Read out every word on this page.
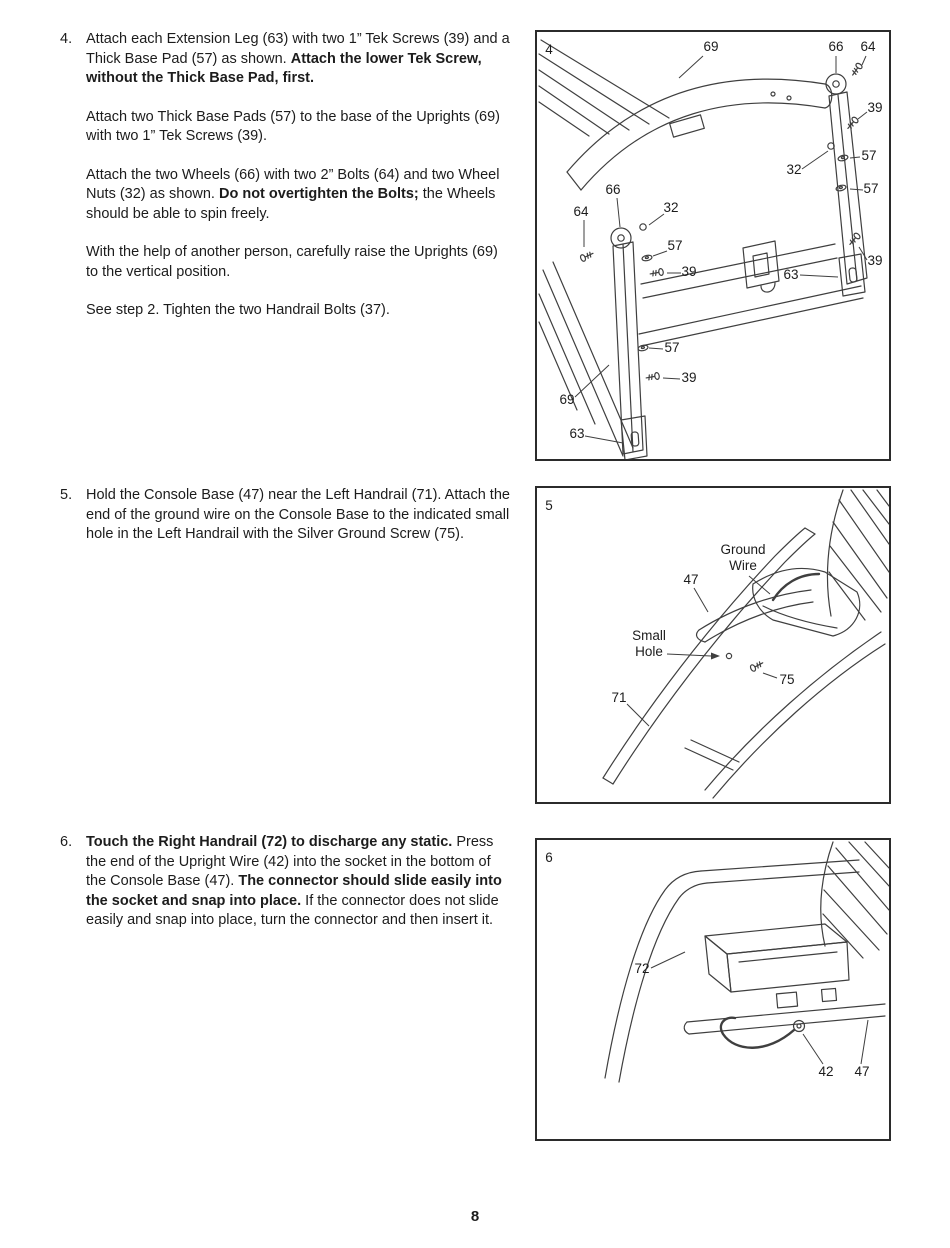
4. Attach each Extension Leg (63) with two 1” Tek Screws (39) and a Thick Base Pad (57) as shown. Attach the lower Tek Screw, without the Thick Base Pad, first.

Attach two Thick Base Pads (57) to the base of the Uprights (69) with two 1” Tek Screws (39).

Attach the two Wheels (66) with two 2” Bolts (64) and two Wheel Nuts (32) as shown. Do not overtighten the Bolts; the Wheels should be able to spin freely.

With the help of another person, carefully raise the Uprights (69) to the vertical position.

See step 2. Tighten the two Handrail Bolts (37).

5. Hold the Console Base (47) near the Left Handrail (71). Attach the end of the ground wire on the Console Base to the indicated small hole in the Left Handrail with the Silver Ground Screw (75).

6. Touch the Right Handrail (72) to discharge any static. Press the end of the Upright Wire (42) into the socket in the bottom of the Console Base (47). The connector should slide easily into the socket and snap into place. If the connector does not slide easily and snap into place, turn the connector and then insert it.

4	69	66 64
39
57
32
57
66
64	32
57
39	63
39
57
39
69
63
5
Ground
Wire
47
Small
Hole
75
71
6
72
42 47
8
